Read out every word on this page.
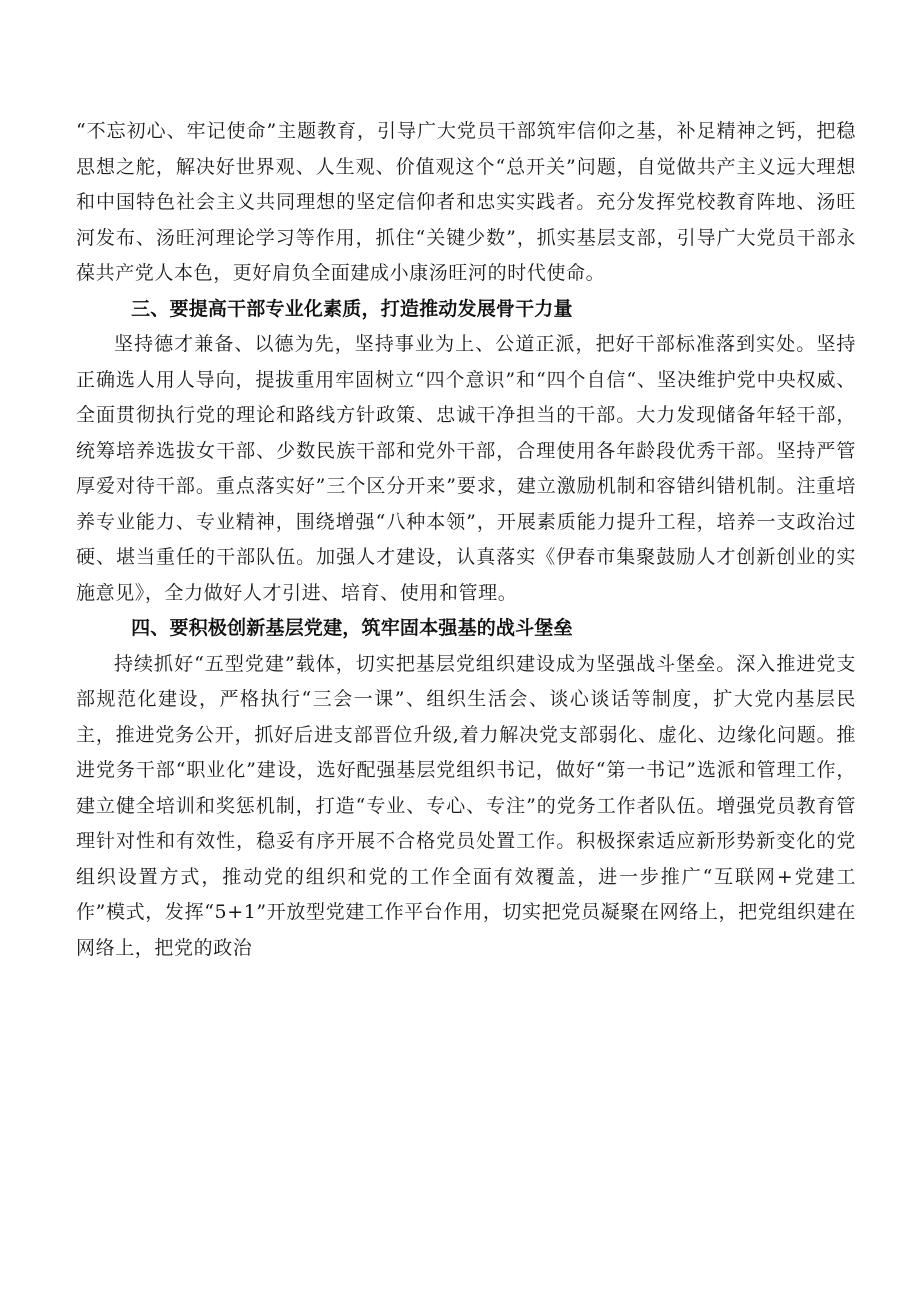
“不忘初心、牢记使命”主题教育，引导广大党员干部筑牢信仰之基，补足精神之钙，把稳思想之舵，解决好世界观、人生观、价值观这个“总开关”问题，自觉做共产主义远大理想和中国特色社会主义共同理想的坚定信仰者和忠实实践者。充分发挥党校教育阵地、汤旺河发布、汤旺河理论学习等作用，抓住“关键少数”，抓实基层支部，引导广大党员干部永葆共产党人本色，更好肩负全面建成小康汤旺河的时代使命。

三、要提高干部专业化素质，打造推动发展骨干力量

坚持德才兼备、以德为先，坚持事业为上、公道正派，把好干部标准落到实处。坚持正确选人用人导向，提拔重用牢固树立“四个意识”和“四个自信“、坚决维护党中央权威、全面贯彻执行党的理论和路线方针政策、忠诚干净担当的干部。大力发现储备年轻干部，统筹培养选拔女干部、少数民族干部和党外干部，合理使用各年龄段优秀干部。坚持严管厚爱对待干部。重点落实好”三个区分开来”要求，建立激励机制和容错纠错机制。注重培养专业能力、专业精神，围绕增强“八种本领”，开展素质能力提升工程，培养一支政治过硬、堪当重任的干部队伍。加强人才建设，认真落实《伊春市集聚鼓励人才创新创业的实施意见》，全力做好人才引进、培育、使用和管理。

四、要积极创新基层党建，筑牢固本强基的战斗堡垒

持续抓好“五型党建”载体，切实把基层党组织建设成为坚强战斗堡垒。深入推进党支部规范化建设，严格执行“三会一课”、组织生活会、谈心谈话等制度，扩大党内基层民主，推进党务公开，抓好后进支部晋位升级,着力解决党支部弱化、虚化、边缘化问题。推进党务干部“职业化”建设，选好配强基层党组织书记，做好“第一书记”选派和管理工作，建立健全培训和奖惩机制，打造“专业、专心、专注”的党务工作者队伍。增强党员教育管理针对性和有效性，稳妥有序开展不合格党员处置工作。积极探索适应新形势新变化的党组织设置方式，推动党的组织和党的工作全面有效覆盖，进一步推广“互联网+党建工作”模式，发挥“5+1”开放型党建工作平台作用，切实把党员凝聚在网络上，把党组织建在网络上，把党的政治
